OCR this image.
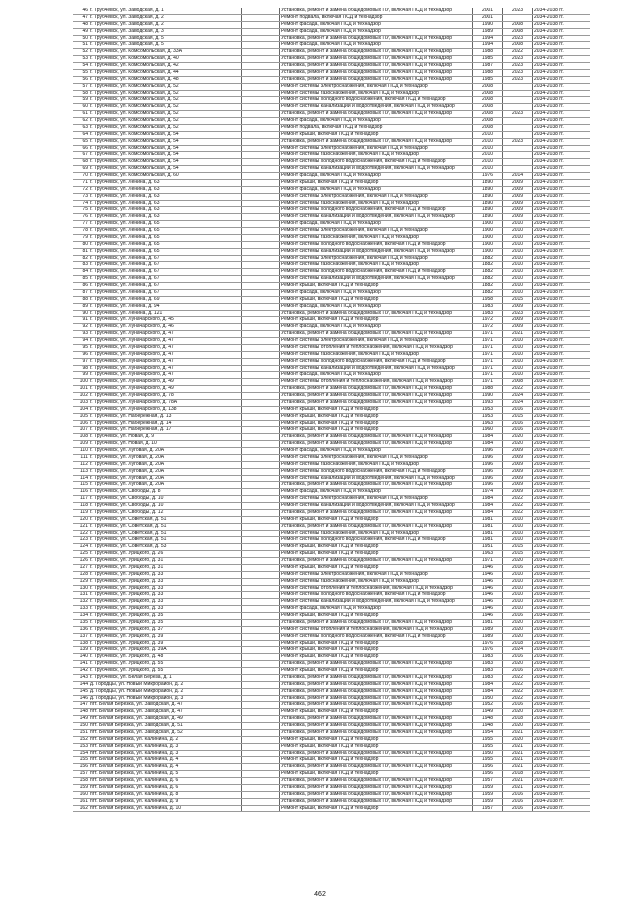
46	г. Трубчевск, ул. Заводская, д. 1		Установка, ремонт и замена общедомовых ПУ, включая ПСД и технадзор	2001	2023	2034-2038 гг.
47	г. Трубчевск, ул. Заводская, д. 2		Ремонт подвала, включая ПСД и технадзор	2001		2034-2038 гг.
48	г. Трубчевск, ул. Заводская, д. 2		Ремонт фасада, включая ПСД и технадзор	1990	2008	2034-2038 гг.
49	г. Трубчевск, ул. Заводская, д. 3		Ремонт фасада, включая ПСД и технадзор	1989	2008	2034-2038 гг.
50	г. Трубчевск, ул. Заводская, д. 5		Установка, ремонт и замена общедомовых ПУ, включая ПСД и технадзор	1994	2023	2034-2038 гг.
51	г. Трубчевск, ул. Заводская, д. 5		Ремонт фасада, включая ПСД и технадзор	1994	2008	2034-2038 гг.
52	г. Трубчевск, ул. Комсомольская, д. 33А		Установка, ремонт и замена общедомовых ПУ, включая ПСД и технадзор	1988	2022	2034-2038 гг.
53	г. Трубчевск, ул. Комсомольская, д. 40		Установка, ремонт и замена общедомовых ПУ, включая ПСД и технадзор	1985	2023	2034-2038 гг.
54	г. Трубчевск, ул. Комсомольская, д. 42		Установка, ремонт и замена общедомовых ПУ, включая ПСД и технадзор	1987	2023	2034-2038 гг.
55	г. Трубчевск, ул. Комсомольская, д. 44		Установка, ремонт и замена общедомовых ПУ, включая ПСД и технадзор	1988	2023	2034-2038 гг.
56	г. Трубчевск, ул. Комсомольская, д. 48		Установка, ремонт и замена общедомовых ПУ, включая ПСД и технадзор	1985	2023	2034-2038 гг.
57	г. Трубчевск, ул. Комсомольская, д. 52		Ремонт системы электроснабжения, включая ПСД и технадзор	2008		2034-2038 гг.
58	г. Трубчевск, ул. Комсомольская, д. 52		Ремонт системы газоснабжения, включая ПСД и технадзор	2008		2034-2038 гг.
59	г. Трубчевск, ул. Комсомольская, д. 52		Ремонт системы холодного водоснабжения, включая ПСД и технадзор	2008		2034-2038 гг.
60	г. Трубчевск, ул. Комсомольская, д. 52		Ремонт системы канализации и водоотведения, включая ПСД и технадзор	2008		2034-2038 гг.
61	г. Трубчевск, ул. Комсомольская, д. 52		Установка, ремонт и замена общедомовых ПУ, включая ПСД и технадзор	2008	2023	2034-2038 гг.
62	г. Трубчевск, ул. Комсомольская, д. 52		Ремонт фасада, включая ПСД и технадзор	2008		2034-2038 гг.
63	г. Трубчевск, ул. Комсомольская, д. 52		Ремонт подвала, включая ПСД и технадзор	2008		2034-2038 гг.
64	г. Трубчевск, ул. Комсомольская, д. 54		Ремонт крыши, включая ПСД и технадзор	2010		2034-2038 гг.
65	г. Трубчевск, ул. Комсомольская, д. 54		Установка, ремонт и замена общедомовых ПУ, включая ПСД и технадзор	2010	2023	2034-2038 гг.
66	г. Трубчевск, ул. Комсомольская, д. 54		Ремонт системы электроснабжения, включая ПСД и технадзор	2010		2034-2038 гг.
67	г. Трубчевск, ул. Комсомольская, д. 54		Ремонт системы газоснабжения, включая ПСД и технадзор	2010		2034-2038 гг.
68	г. Трубчевск, ул. Комсомольская, д. 54		Ремонт системы холодного водоснабжения, включая ПСД и технадзор	2010		2034-2038 гг.
69	г. Трубчевск, ул. Комсомольская, д. 54		Ремонт системы канализации и водоотведения, включая ПСД и технадзор	2010		2034-2038 гг.
70	г. Трубчевск, ул. Комсомольская, д. 60		Ремонт фасада, включая ПСД и технадзор	1976	2014	2034-2038 гг.
71	г. Трубчевск, ул. Ленина, д. 63		Ремонт крыши, включая ПСД и технадзор	1890	2009	2034-2038 гг.
72	г. Трубчевск, ул. Ленина, д. 63		Ремонт фасада, включая ПСД и технадзор	1890	2009	2034-2038 гг.
73	г. Трубчевск, ул. Ленина, д. 63		Ремонт системы электроснабжения, включая ПСД и технадзор	1890	2009	2034-2038 гг.
74	г. Трубчевск, ул. Ленина, д. 63		Ремонт системы газоснабжения, включая ПСД и технадзор	1890	2009	2034-2038 гг.
75	г. Трубчевск, ул. Ленина, д. 63		Ремонт системы холодного водоснабжения, включая ПСД и технадзор	1890	2009	2034-2038 гг.
76	г. Трубчевск, ул. Ленина, д. 63		Ремонт системы канализации и водоотведения, включая ПСД и технадзор	1890	2009	2034-2038 гг.
77	г. Трубчевск, ул. Ленина, д. 65		Ремонт фасада, включая ПСД и технадзор	1900	2010	2034-2038 гг.
78	г. Трубчевск, ул. Ленина, д. 65		Ремонт системы электроснабжения, включая ПСД и технадзор	1900	2010	2034-2038 гг.
79	г. Трубчевск, ул. Ленина, д. 65		Ремонт системы газоснабжения, включая ПСД и технадзор	1900	2010	2034-2038 гг.
80	г. Трубчевск, ул. Ленина, д. 65		Ремонт системы холодного водоснабжения, включая ПСД и технадзор	1900	2010	2034-2038 гг.
81	г. Трубчевск, ул. Ленина, д. 65		Ремонт системы канализации и водоотведения, включая ПСД и технадзор	1900	2010	2034-2038 гг.
82	г. Трубчевск, ул. Ленина, д. 67		Ремонт системы электроснабжения, включая ПСД и технадзор	1882	2010	2034-2038 гг.
83	г. Трубчевск, ул. Ленина, д. 67		Ремонт системы газоснабжения, включая ПСД и технадзор	1882	2010	2034-2038 гг.
84	г. Трубчевск, ул. Ленина, д. 67		Ремонт системы холодного водоснабжения, включая ПСД и технадзор	1882	2010	2034-2038 гг.
85	г. Трубчевск, ул. Ленина, д. 67		Ремонт системы канализации и водоотведения, включая ПСД и технадзор	1882	2010	2034-2038 гг.
86	г. Трубчевск, ул. Ленина, д. 67		Ремонт крыши, включая ПСД и технадзор	1882	2010	2034-2038 гг.
87	г. Трубчевск, ул. Ленина, д. 67		Ремонт фасада, включая ПСД и технадзор	1882	2010	2034-2038 гг.
88	г. Трубчевск, ул. Ленина, д. 69		Ремонт крыши, включая ПСД и технадзор	1958	2015	2034-2038 гг.
89	г. Трубчевск, ул. Ленина, д. 94		Ремонт фасада, включая ПСД и технадзор	1983	2009	2034-2038 гг.
90	г. Трубчевск, ул. Ленина, д. 121		Установка, ремонт и замена общедомовых ПУ, включая ПСД и технадзор	1983	2023	2034-2038 гг.
91	г. Трубчевск, ул. Луначарского, д. 45		Ремонт крыши, включая ПСД и технадзор	1972	2009	2034-2038 гг.
92	г. Трубчевск, ул. Луначарского, д. 46		Ремонт фасада, включая ПСД и технадзор	1972	2009	2034-2038 гг.
93	г. Трубчевск, ул. Луначарского, д. 47		Установка, ремонт и замена общедомовых ПУ, включая ПСД и технадзор	1971	2021	2034-2038 гг.
94	г. Трубчевск, ул. Луначарского, д. 47		Ремонт системы электроснабжения, включая ПСД и технадзор	1971	2010	2034-2038 гг.
95	г. Трубчевск, ул. Луначарского, д. 47		Ремонт системы отопления и теплоснабжения, включая ПСД и технадзор	1971	2010	2034-2038 гг.
96	г. Трубчевск, ул. Луначарского, д. 47		Ремонт системы газоснабжения, включая ПСД и технадзор	1971	2010	2034-2038 гг.
97	г. Трубчевск, ул. Луначарского, д. 47		Ремонт системы холодного водоснабжения, включая ПСД и технадзор	1971	2010	2034-2038 гг.
98	г. Трубчевск, ул. Луначарского, д. 47		Ремонт системы канализации и водоотведения, включая ПСД и технадзор	1971	2010	2034-2038 гг.
99	г. Трубчевск, ул. Луначарского, д. 47		Ремонт фасада, включая ПСД и технадзор	1971	2010	2034-2038 гг.
100	г. Трубчевск, ул. Луначарского, д. 49		Ремонт системы отопления и теплоснабжения, включая ПСД и технадзор	1971	2008	2034-2038 гг.
101	г. Трубчевск, ул. Луначарского, д. 49		Установка, ремонт и замена общедомовых ПУ, включая ПСД и технадзор	1988	2022	2034-2038 гг.
102	г. Трубчевск, ул. Луначарского, д. 78		Установка, ремонт и замена общедомовых ПУ, включая ПСД и технадзор	1990	2024	2034-2038 гг.
103	г. Трубчевск, ул. Луначарского, д. 78А		Установка, ремонт и замена общедомовых ПУ, включая ПСД и технадзор	1993	2024	2034-2038 гг.
104	г. Трубчевск, ул. Луначарского, д. 138		Ремонт крыши, включая ПСД и технадзор	1953	2016	2034-2038 гг.
105	г. Трубчевск, ул. Набережная, д. 13		Ремонт крыши, включая ПСД и технадзор	1953	2015	2034-2038 гг.
106	г. Трубчевск, ул. Набережная, д. 14		Ремонт крыши, включая ПСД и технадзор	1963	2016	2034-2038 гг.
107	г. Трубчевск, ул. Набережная, д. 17		Ремонт крыши, включая ПСД и технадзор	1960	2016	2034-2038 гг.
108	г. Трубчевск, ул. Новая, д. 9		Установка, ремонт и замена общедомовых ПУ, включая ПСД и технадзор	1984	2020	2034-2038 гг.
109	г. Трубчевск, ул. Новая, д. 10		Установка, ремонт и замена общедомовых ПУ, включая ПСД и технадзор	1984	2020	2034-2038 гг.
110	г. Трубчевск, ул. Луговая, д. 20А		Ремонт фасада, включая ПСД и технадзор	1996	2009	2034-2038 гг.
111	г. Трубчевск, ул. Луговая, д. 20А		Ремонт системы электроснабжения, включая ПСД и технадзор	1996	2009	2034-2038 гг.
112	г. Трубчевск, ул. Луговая, д. 20А		Ремонт системы газоснабжения, включая ПСД и технадзор	1996	2009	2034-2038 гг.
113	г. Трубчевск, ул. Луговая, д. 20А		Ремонт системы холодного водоснабжения, включая ПСД и технадзор	1996	2009	2034-2038 гг.
114	г. Трубчевск, ул. Луговая, д. 20А		Ремонт системы канализации и водоотведения, включая ПСД и технадзор	1996	2009	2034-2038 гг.
115	г. Трубчевск, ул. Луговая, д. 20А		Установка, ремонт и замена общедомовых ПУ, включая ПСД и технадзор	1996	2009	2034-2038 гг.
116	г. Трубчевск, ул. Свободы, д. 8		Ремонт фасада, включая ПСД и технадзор	1974	2009	2034-2038 гг.
117	г. Трубчевск, ул. Свободы, д. 10		Ремонт системы электроснабжения, включая ПСД и технадзор	1984	2022	2034-2038 гг.
118	г. Трубчевск, ул. Свободы, д. 10		Ремонт системы канализации и водоотведения, включая ПСД и технадзор	1984	2022	2034-2038 гг.
119	г. Трубчевск, ул. Свободы, д. 12		Установка, ремонт и замена общедомовых ПУ, включая ПСД и технадзор	1984	2022	2034-2038 гг.
120	г. Трубчевск, ул. Советская, д. 51		Ремонт крыши, включая ПСД и технадзор	1981	2010	2034-2038 гг.
121	г. Трубчевск, ул. Советская, д. 51		Установка, ремонт и замена общедомовых ПУ, включая ПСД и технадзор	1981	2010	2034-2038 гг.
122	г. Трубчевск, ул. Советская, д. 51		Ремонт системы газоснабжения, включая ПСД и технадзор	1981	2010	2034-2038 гг.
123	г. Трубчевск, ул. Советская, д. 51		Ремонт системы холодного водоснабжения, включая ПСД и технадзор	1981	2010	2034-2038 гг.
124	г. Трубчевск, ул. Советская, д. 53		Ремонт крыши, включая ПСД и технадзор	1951	2015	2034-2038 гг.
125	г. Трубчевск, ул. Урицкого, д. 26		Ремонт крыши, включая ПСД и технадзор	1963	2015	2034-2038 гг.
126	г. Трубчевск, ул. Урицкого, д. 31		Установка, ремонт и замена общедомовых ПУ, включая ПСД и технадзор	1971	2020	2034-2038 гг.
127	г. Трубчевск, ул. Урицкого, д. 31		Ремонт крыши, включая ПСД и технадзор	1946	2016	2034-2038 гг.
128	г. Трубчевск, ул. Урицкого, д. 33		Ремонт системы электроснабжения, включая ПСД и технадзор	1946	2010	2034-2038 гг.
129	г. Трубчевск, ул. Урицкого, д. 33		Ремонт системы газоснабжения, включая ПСД и технадзор	1946	2010	2034-2038 гг.
130	г. Трубчевск, ул. Урицкого, д. 33		Ремонт системы отопления и теплоснабжения, включая ПСД и технадзор	1946	2010	2034-2038 гг.
131	г. Трубчевск, ул. Урицкого, д. 33		Ремонт системы холодного водоснабжения, включая ПСД и технадзор	1946	2010	2034-2038 гг.
132	г. Трубчевск, ул. Урицкого, д. 33		Ремонт системы канализации и водоотведения, включая ПСД и технадзор	1946	2010	2034-2038 гг.
133	г. Трубчевск, ул. Урицкого, д. 33		Ремонт фасада, включая ПСД и технадзор	1946	2010	2034-2038 гг.
134	г. Трубчевск, ул. Урицкого, д. 35		Ремонт крыши, включая ПСД и технадзор	1946	2016	2034-2038 гг.
135	г. Трубчевск, ул. Урицкого, д. 35		Установка, ремонт и замена общедомовых ПУ, включая ПСД и технадзор	1981	2020	2034-2038 гг.
136	г. Трубчевск, ул. Урицкого, д. 37		Ремонт системы отопления и теплоснабжения, включая ПСД и технадзор	1989	2020	2034-2038 гг.
137	г. Трубчевск, ул. Урицкого, д. 39		Ремонт системы холодного водоснабжения, включая ПСД и технадзор	1989	2020	2034-2038 гг.
138	г. Трубчевск, ул. Урицкого, д. 39		Ремонт крыши, включая ПСД и технадзор	1976	2018	2034-2038 гг.
139	г. Трубчевск, ул. Урицкого, д. 39А		Ремонт крыши, включая ПСД и технадзор	1976	2024	2034-2038 гг.
140	г. Трубчевск, ул. Урицкого, д. 48		Ремонт крыши, включая ПСД и технадзор	1983	2016	2034-2038 гг.
141	г. Трубчевск, ул. Урицкого, д. 55		Установка, ремонт и замена общедомовых ПУ, включая ПСД и технадзор	1983	2020	2034-2038 гг.
142	г. Трубчевск, ул. Урицкого, д. 55		Ремонт крыши, включая ПСД и технадзор	1983	2016	2034-2038 гг.
143	г. Трубчевск, ул. Белая Береза, д. 1		Установка, ремонт и замена общедомовых ПУ, включая ПСД и технадзор	1983	2022	2034-2038 гг.
144	д. Городцы, ул. Новый Микрорайон, д. 2		Установка, ремонт и замена общедомовых ПУ, включая ПСД и технадзор	1984	2022	2034-2038 гг.
145	д. Городцы, ул. Новый Микрорайон, д. 2		Установка, ремонт и замена общедомовых ПУ, включая ПСД и технадзор	1984	2022	2034-2038 гг.
146	д. Городцы, ул. Новый Микрорайон, д. 3		Установка, ремонт и замена общедомовых ПУ, включая ПСД и технадзор	1950	2022	2034-2038 гг.
147	пгт. Белая Березка, ул. Заводская, д. 47		Установка, ремонт и замена общедомовых ПУ, включая ПСД и технадзор	1952	2016	2034-2038 гг.
148	пгт. Белая Березка, ул. Заводская, д. 47		Ремонт крыши, включая ПСД и технадзор	1949	2020	2034-2038 гг.
149	пгт. Белая Березка, ул. Заводская, д. 49		Установка, ремонт и замена общедомовых ПУ, включая ПСД и технадзор	1948	2018	2034-2038 гг.
150	пгт. Белая Березка, ул. Заводская, д. 51		Установка, ремонт и замена общедомовых ПУ, включая ПСД и технадзор	1948	2020	2034-2038 гг.
151	пгт. Белая Березка, ул. Заводская, д. 52		Установка, ремонт и замена общедомовых ПУ, включая ПСД и технадзор	1954	2021	2034-2038 гг.
152	пгт. Белая Березка, ул. Калинина, д. 2		Ремонт крыши, включая ПСД и технадзор	1955	2020	2034-2038 гг.
153	пгт. Белая Березка, ул. Калинина, д. 3		Ремонт крыши, включая ПСД и технадзор	1955	2021	2034-2038 гг.
154	пгт. Белая Березка, ул. Калинина, д. 3		Установка, ремонт и замена общедомовых ПУ, включая ПСД и технадзор	1950	2021	2034-2038 гг.
155	пгт. Белая Березка, ул. Калинина, д. 4		Ремонт крыши, включая ПСД и технадзор	1955	2021	2034-2038 гг.
156	пгт. Белая Березка, ул. Калинина, д. 4		Установка, ремонт и замена общедомовых ПУ, включая ПСД и технадзор	1956	2021	2034-2038 гг.
157	пгт. Белая Березка, ул. Калинина, д. 5		Ремонт крыши, включая ПСД и технадзор	1956	2018	2034-2038 гг.
158	пгт. Белая Березка, ул. Калинина, д. 6		Установка, ремонт и замена общедомовых ПУ, включая ПСД и технадзор	1957	2021	2034-2038 гг.
159	пгт. Белая Березка, ул. Калинина, д. 6		Установка, ремонт и замена общедомовых ПУ, включая ПСД и технадзор	1959	2021	2034-2038 гг.
160	пгт. Белая Березка, ул. Калинина, д. 8		Установка, ремонт и замена общедомовых ПУ, включая ПСД и технадзор	1959	2016	2034-2038 гг.
161	пгт. Белая Березка, ул. Калинина, д. 9		Установка, ремонт и замена общедомовых ПУ, включая ПСД и технадзор	1959	2016	2034-2038 гг.
162	пгт. Белая Березка, ул. Калинина, д. 10		Ремонт крыши, включая ПСД и технадзор	1957	2016	2034-2038 гг.
462
